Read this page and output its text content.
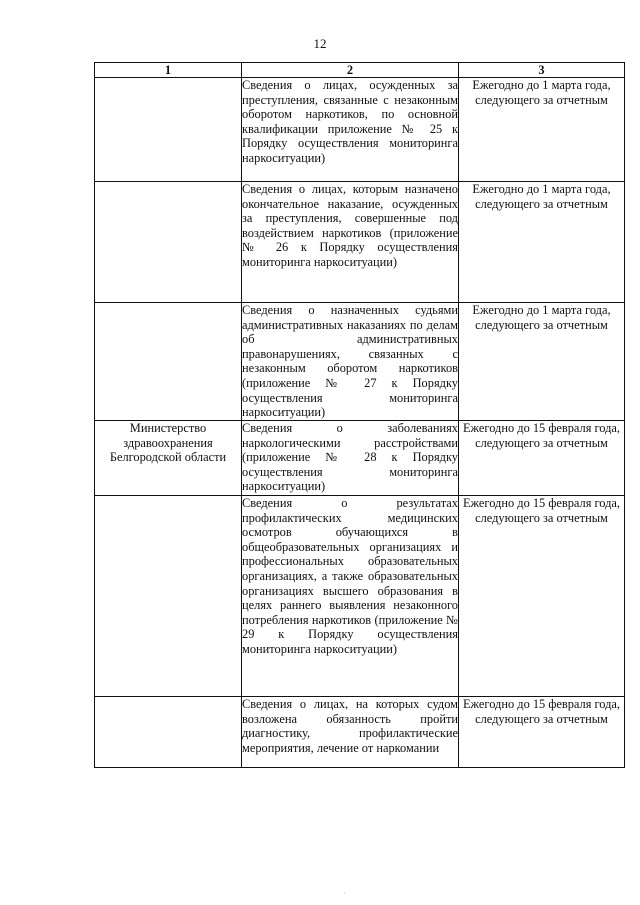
12
1	2	3

	Сведения о лицах, осужденных за преступления, связанные с незаконным оборотом наркотиков, по основной квалификации приложение № 25 к Порядку осуществления мониторинга наркоситуации)	Ежегодно до 1 марта года, следующего за отчетным

	Сведения о лицах, которым назначено окончательное наказание, осужденных за преступления, совершенные под воздействием наркотиков (приложение № 26 к Порядку осуществления мониторинга наркоситуации)	Ежегодно до 1 марта года, следующего за отчетным

	Сведения о назначенных судьями административных наказаниях по делам об административных правонарушениях, связанных с незаконным оборотом наркотиков (приложение № 27 к Порядку осуществления мониторинга наркоситуации)	Ежегодно до 1 марта года, следующего за отчетным

Министерство здравоохранения Белгородской области	Сведения о заболеваниях наркологическими расстройствами (приложение № 28 к Порядку осуществления мониторинга наркоситуации)	Ежегодно до 15 февраля года, следующего за отчетным

	Сведения о результатах профилактических медицинских осмотров обучающихся в общеобразовательных организациях и профессиональных образовательных организациях, а также образовательных организациях высшего образования в целях раннего выявления незаконного потребления наркотиков (приложение № 29 к Порядку осуществления мониторинга наркоситуации)	Ежегодно до 15 февраля года, следующего за отчетным

	Сведения о лицах, на которых судом возложена обязанность пройти диагностику, профилактические мероприятия, лечение от наркомании	Ежегодно до 15 февраля года, следующего за отчетным

·
